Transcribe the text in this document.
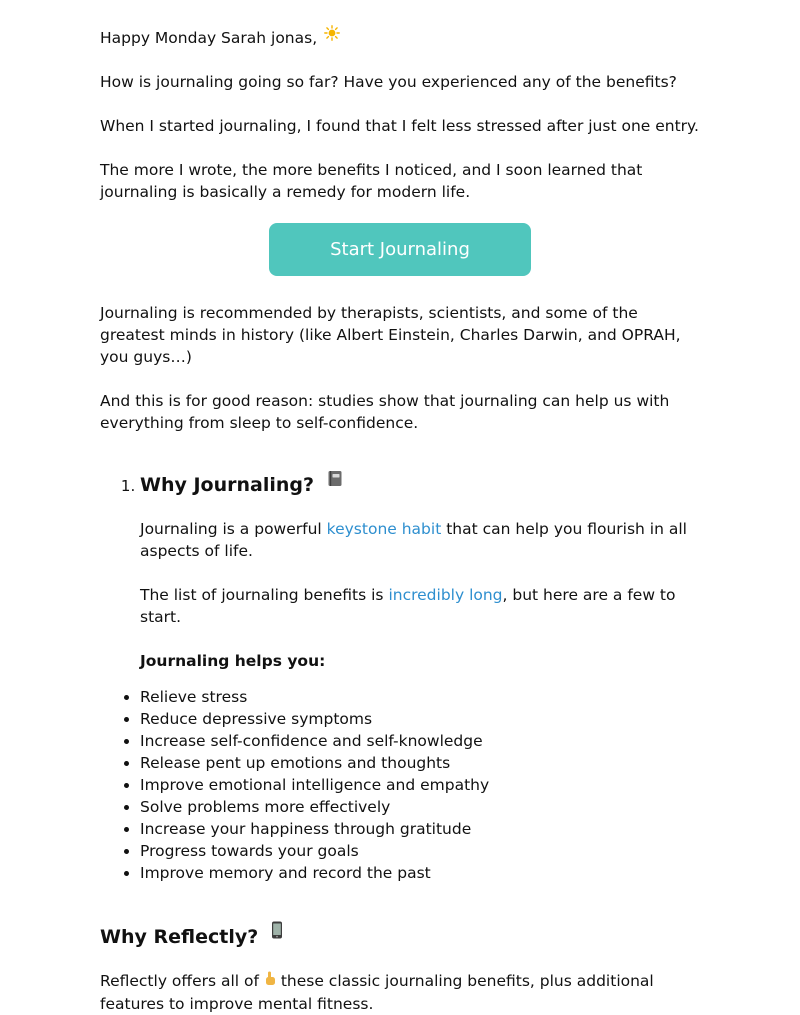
Happy Monday Sarah jonas,

How is journaling going so far? Have you experienced any of the benefits?

When I started journaling, I found that I felt less stressed after just one entry.

The more I wrote, the more benefits I noticed, and I soon learned that journaling is basically a remedy for modern life.

Start Journaling

Journaling is recommended by therapists, scientists, and some of the greatest minds in history (like Albert Einstein, Charles Darwin, and OPRAH, you guys…)

And this is for good reason: studies show that journaling can help us with everything from sleep to self-confidence.

1. Why Journaling?

Journaling is a powerful keystone habit that can help you flourish in all aspects of life.

The list of journaling benefits is incredibly long, but here are a few to start.

Journaling helps you:

• Relieve stress
• Reduce depressive symptoms
• Increase self-confidence and self-knowledge
• Release pent up emotions and thoughts
• Improve emotional intelligence and empathy
• Solve problems more effectively
• Increase your happiness through gratitude
• Progress towards your goals
• Improve memory and record the past
Why Reflectly?

Reflectly offers all of  these classic journaling benefits, plus additional features to improve mental fitness.
